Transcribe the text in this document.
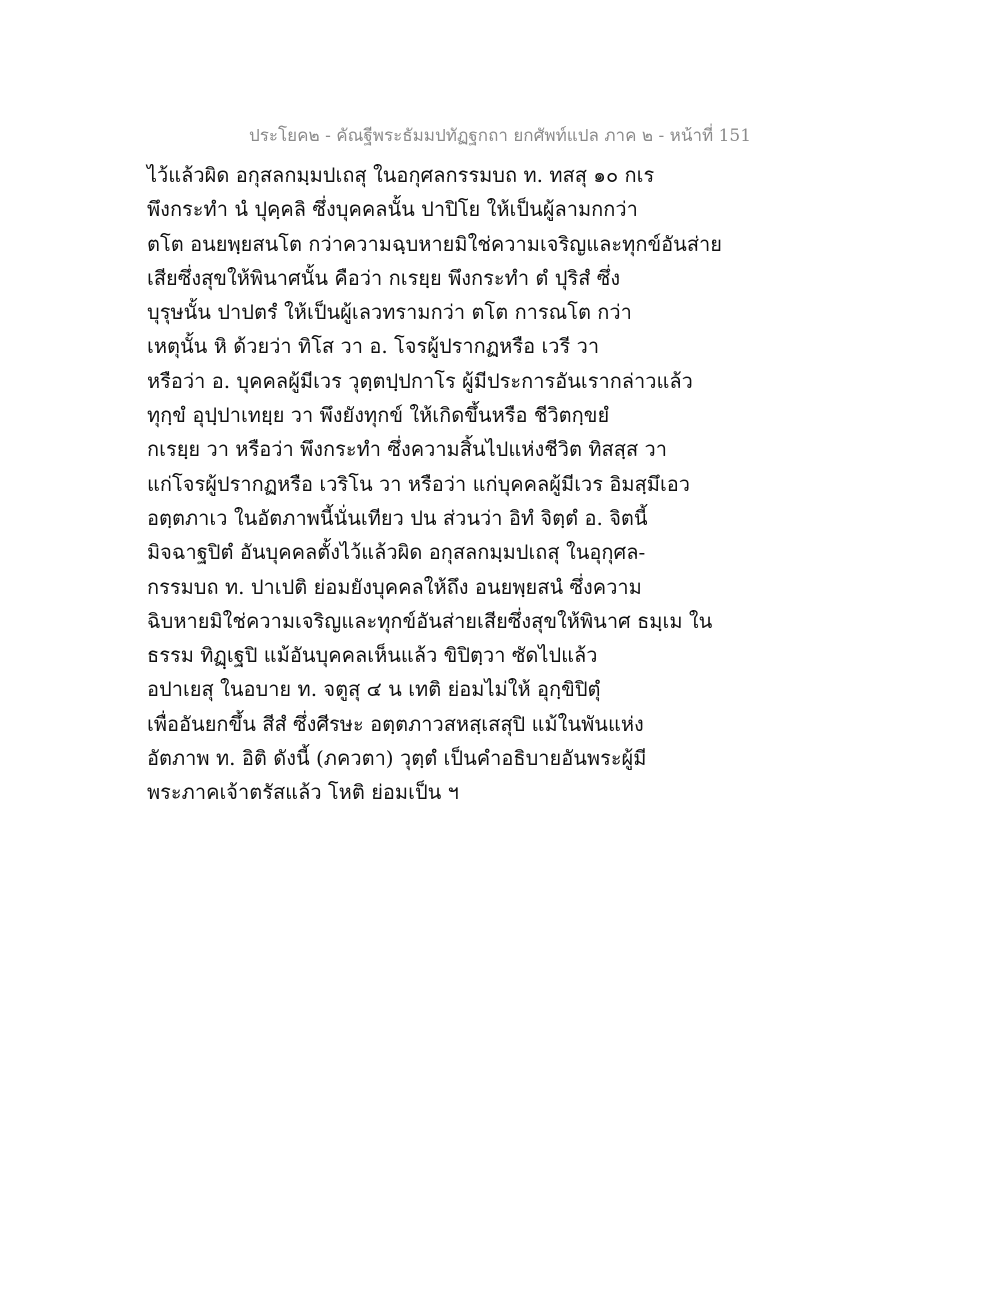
ประโยค๒ - คัณฐีพระธัมมปทัฏฐกถา ยกศัพท์แปล ภาค ๒ - หน้าที่ 151
ไว้แล้วผิด อกุสลกมฺมปเถสุ ในอกุศลกรรมบถ ท. ทสสุ ๑๐ กเร
พึงกระทำ นํ ปุคฺคลิ ซึ่งบุคคลนั้น ปาปิโย ให้เป็นผู้ลามกกว่า
ตโต อนยพฺยสนโต กว่าความฉฺบหายมิใช่ความเจริญและทุกข์อันส่าย
เสียซึ่งสุขให้พินาศนั้น คือว่า กเรยฺย พึงกระทำ ตํ ปุริสํ ซึ่ง
บุรุษนั้น ปาปตรํ ให้เป็นผู้เลวทรามกว่า ตโต การณโต กว่า
เหตุนั้น หิ ด้วยว่า ทิโส วา อ. โจรผู้ปรากฏหรือ เวรี วา
หรือว่า อ. บุคคลผู้มีเวร วุตฺตปฺปกาโร ผู้มีประการอันเรากล่าวแล้ว
ทุกฺขํ อุปฺปาเทยฺย วา พึงยังทุกข์ ให้เกิดขึ้นหรือ ชีวิตกฺขยํ
กเรยฺย วา หรือว่า พึงกระทำ ซึ่งความสิ้นไปแห่งชีวิต ทิสสฺส วา
แก่โจรผู้ปรากฏหรือ เวริโน วา หรือว่า แก่บุคคลผู้มีเวร อิมสฺมึเอว
อตฺตภาเว ในอัตภาพนี้นั่นเทียว ปน ส่วนว่า อิทํ จิตฺตํ อ. จิตนี้
มิจฉาฐปิตํ อันบุคคลตั้งไว้แล้วผิด อกุสลกมฺมปเถสุ ในอุกุศล-
กรรมบถ ท. ปาเปติ ย่อมยังบุคคลให้ถึง อนยพฺยสนํ ซึ่งความ
ฉิบหายมิใช่ความเจริญและทุกข์อันส่ายเสียซึ่งสุขให้พินาศ ธมฺเม ใน
ธรรม ทิฏฺเฐปิ แม้อันบุคคลเห็นแล้ว ขิปิตฺวา ซัดไปแล้ว
อปาเยสุ ในอบาย ท. จตูสุ ๔ น เทติ ย่อมไม่ให้ อุกฺขิปิตุํ
เพื่ออันยกขึ้น สีสํ ซึ่งศีรษะ อตฺตภาวสหสฺเสสุปิ แม้ในพันแห่ง
อัตภาพ ท. อิติ ดังนี้ (ภควตา) วุตฺตํ เป็นคำอธิบายอันพระผู้มี
พระภาคเจ้าตรัสแล้ว โหติ ย่อมเป็น ฯ
